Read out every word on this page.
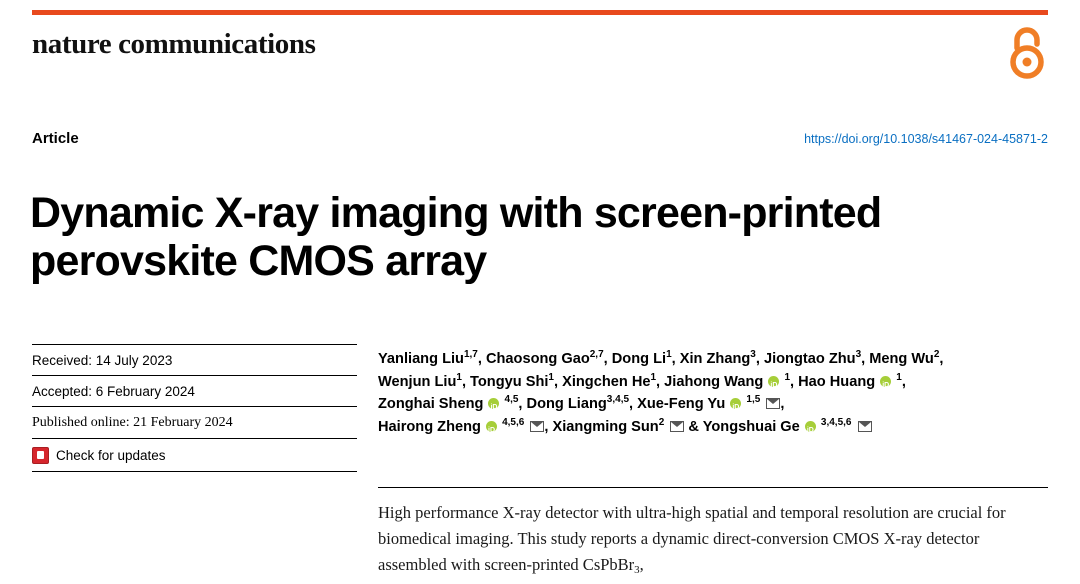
nature communications
Article	https://doi.org/10.1038/s41467-024-45871-2
Dynamic X-ray imaging with screen-printed perovskite CMOS array
Received: 14 July 2023
Accepted: 6 February 2024
Published online: 21 February 2024
Check for updates
Yanliang Liu$^{1,7}$, Chaosong Gao$^{2,7}$, Dong Li$^1$, Xin Zhang$^3$, Jiongtao Zhu$^3$, Meng Wu$^2$,
Wenjun Liu$^1$, Tongyu Shi$^1$, Xingchen He$^1$, Jiahong Wang iD $^1$, Hao Huang iD $^1$,
Zonghai Sheng iD $^{4,5}$, Dong Liang$^{3,4,5}$, Xue-Feng Yu iD $^{1,5}$ ,
Hairong Zheng iD $^{4,5,6}$ , Xiangming Sun$^2$  & Yongshuai Ge iD $^{3,4,5,6}$
High performance X-ray detector with ultra-high spatial and temporal resolution are crucial for biomedical imaging. This study reports a dynamic direct-conversion CMOS X-ray detector assembled with screen-printed CsPbBr$_3$,
